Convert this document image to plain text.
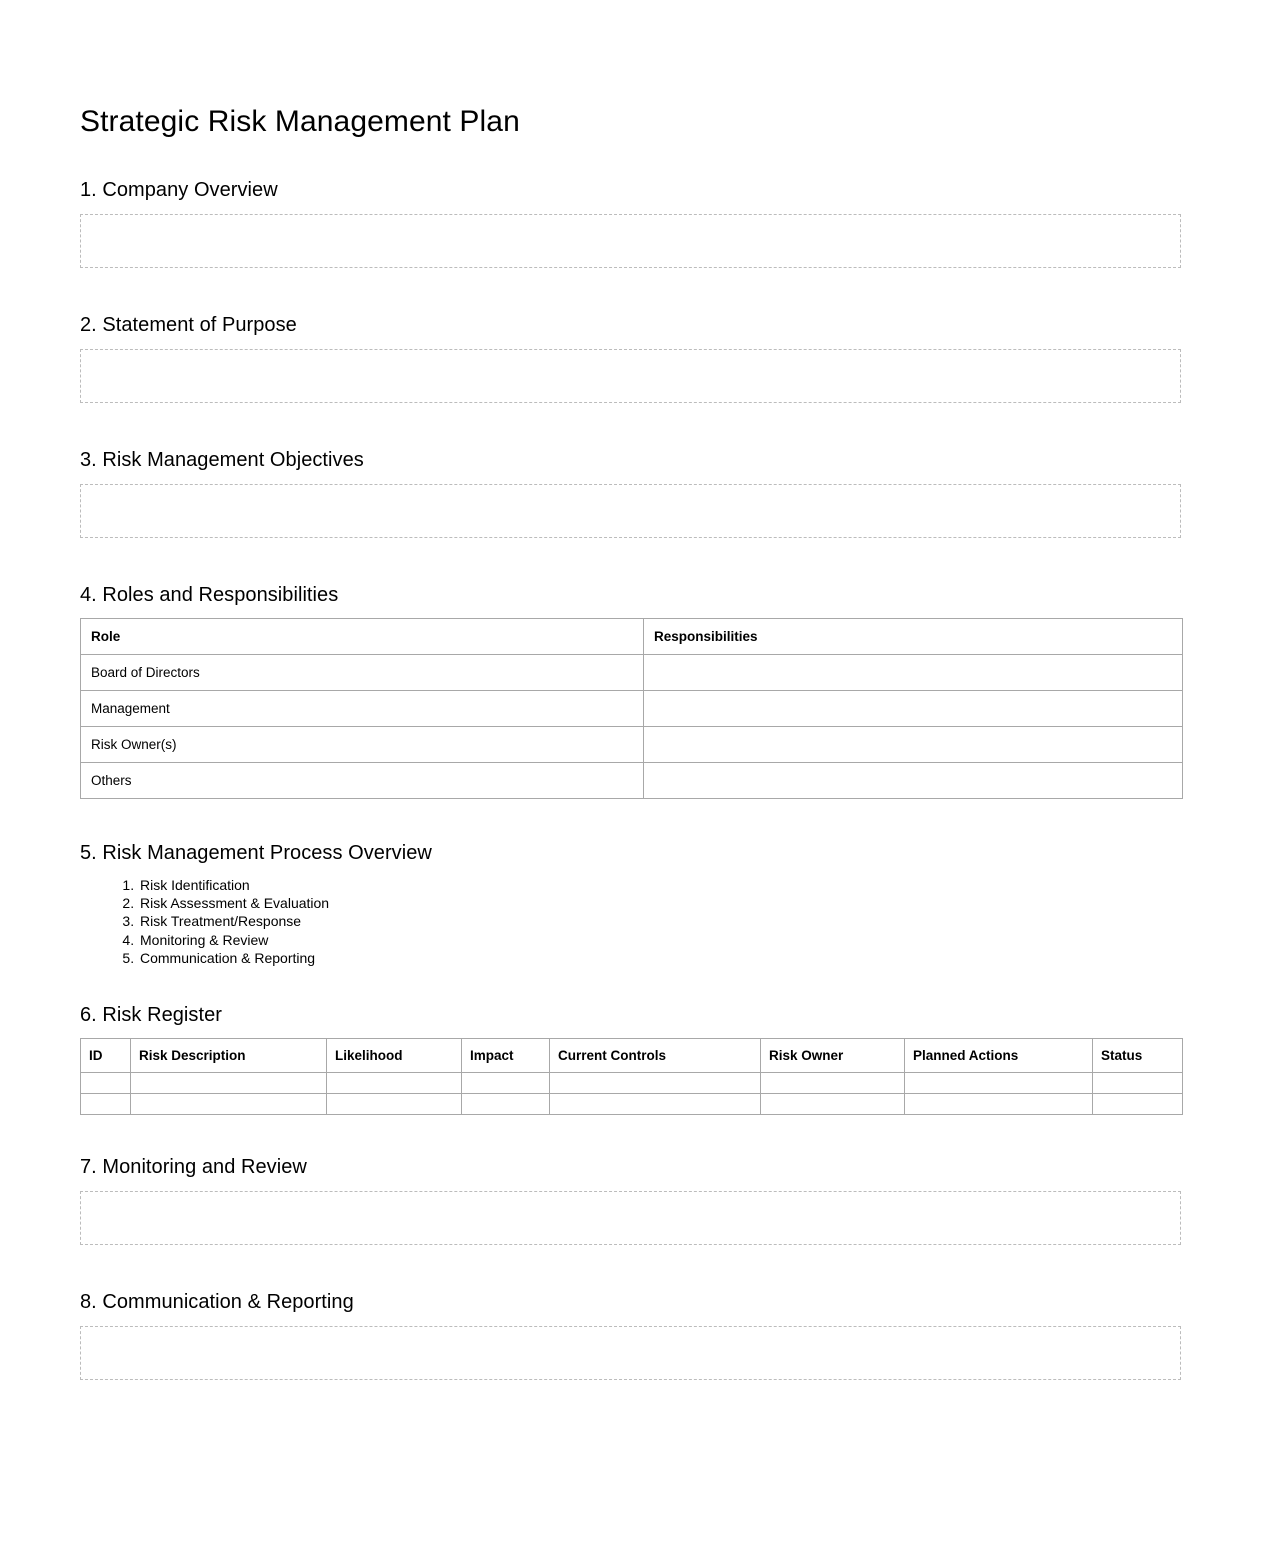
Strategic Risk Management Plan
1. Company Overview
2. Statement of Purpose
3. Risk Management Objectives
4. Roles and Responsibilities
Role	Responsibilities
Board of Directors	
Management	
Risk Owner(s)	
Others	
5. Risk Management Process Overview
1. Risk Identification
2. Risk Assessment & Evaluation
3. Risk Treatment/Response
4. Monitoring & Review
5. Communication & Reporting
6. Risk Register
ID	Risk Description	Likelihood	Impact	Current Controls	Risk Owner	Planned Actions	Status

7. Monitoring and Review
8. Communication & Reporting
